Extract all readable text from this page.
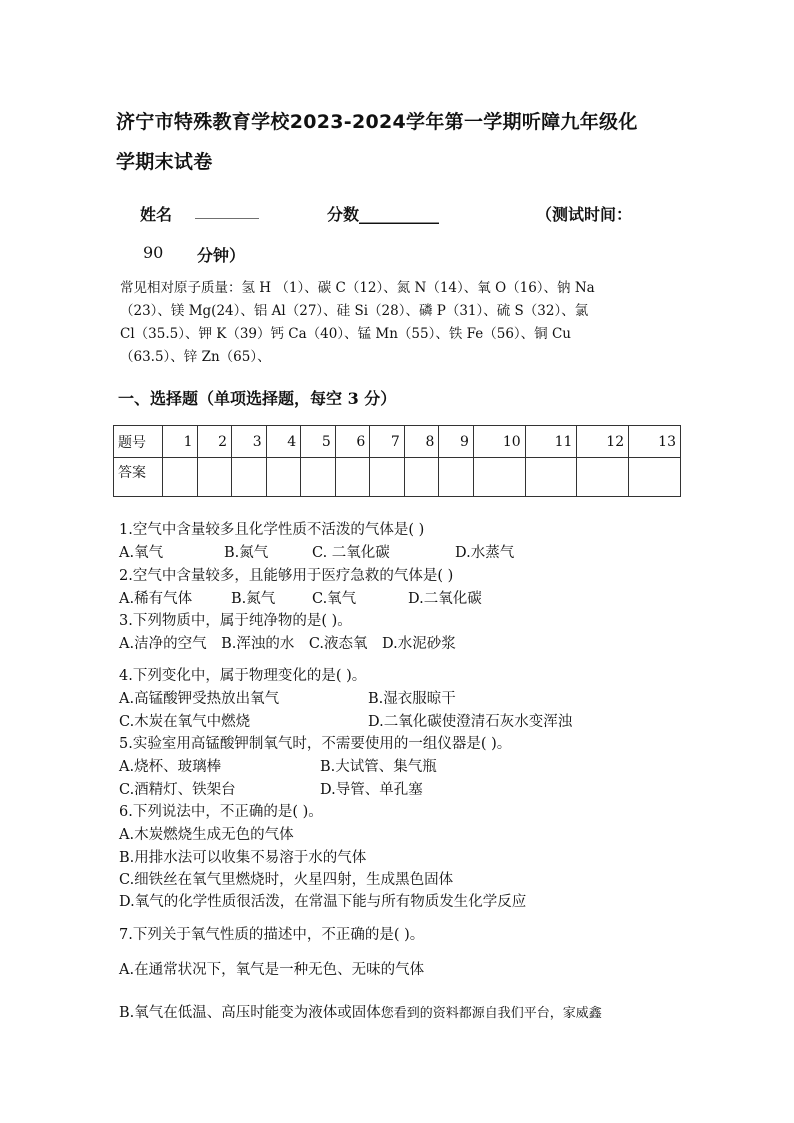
济宁市特殊教育学校2023-2024学年第一学期听障九年级化
学期末试卷
姓名 ________	分数__________	（测试时间：
90 分钟）
常见相对原子质量：氢 H （1）、碳 C（12）、氮 N（14）、氧 O（16）、钠 Na
（23）、镁 Mg(24）、铝 Al（27）、硅 Si（28）、磷 P（31）、硫 S（32）、氯
Cl（35.5）、钾 K（39）钙 Ca（40）、锰 Mn（55）、铁 Fe（56）、铜 Cu
（63.5）、锌 Zn（65）、
一、选择题（单项选择题，每空 3 分）
题号	1	2	3	4	5	6	7	8	9	10	11	12	13
答案													
1.空气中含量较多且化学性质不活泼的气体是( )
A.氧气	B.氮气	C. 二氧化碳	D.水蒸气
2.空气中含量较多，且能够用于医疗急救的气体是( )
A.稀有气体	B.氮气	C.氧气	D.二氧化碳
3.下列物质中，属于纯净物的是( )。
A.洁净的空气　B.浑浊的水　C.液态氧　D.水泥砂浆
4.下列变化中，属于物理变化的是( )。
A.高锰酸钾受热放出氧气	B.湿衣服晾干
C.木炭在氧气中燃烧	D.二氧化碳使澄清石灰水变浑浊
5.实验室用高锰酸钾制氧气时，不需要使用的一组仪器是( )。
A.烧杯、玻璃棒	B.大试管、集气瓶
C.酒精灯、铁架台	D.导管、单孔塞
6.下列说法中，不正确的是( )。
A.木炭燃烧生成无色的气体
B.用排水法可以收集不易溶于水的气体
C.细铁丝在氧气里燃烧时，火星四射，生成黑色固体
D.氧气的化学性质很活泼，在常温下能与所有物质发生化学反应
7.下列关于氧气性质的描述中，不正确的是( )。
A.在通常状况下，氧气是一种无色、无味的气体
B.氧气在低温、高压时能变为液体或固体您看到的资料都源自我们平台，家威鑫
